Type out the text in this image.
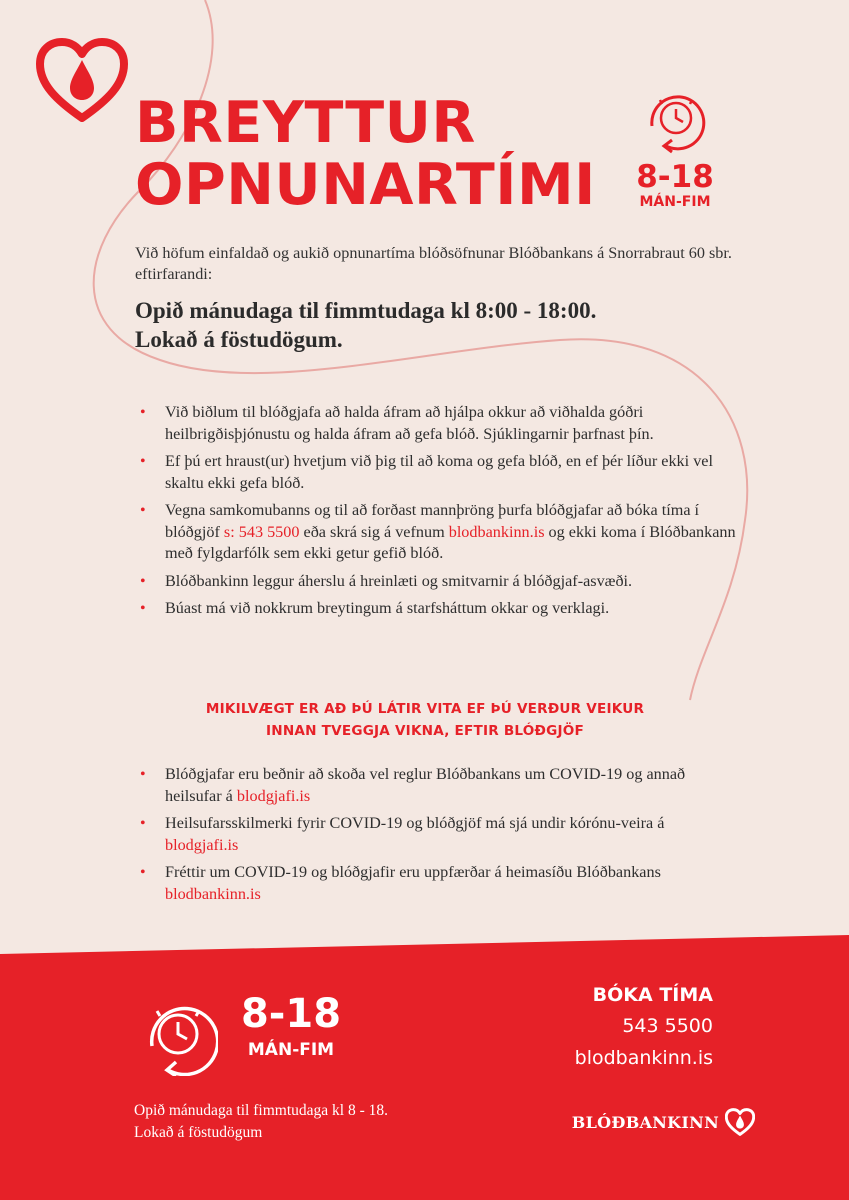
BREYTTUR
OPNUNARTÍMI	8-18
MÁN-FIM

Við höfum einfaldað og aukið opnunartíma blóðsöfnunar Blóðbankans á Snorrabraut 60 sbr. eftirfarandi:

Opið mánudaga til fimmtudaga kl 8:00 - 18:00.
Lokað á föstudögum.

• Við biðlum til blóðgjafa að halda áfram að hjálpa okkur að viðhalda góðri heilbrigðisþjónustu og halda áfram að gefa blóð. Sjúklingarnir þarfnast þín.
• Ef þú ert hraust(ur) hvetjum við þig til að koma og gefa blóð, en ef þér líður ekki vel skaltu ekki gefa blóð.
• Vegna samkomubanns og til að forðast mannþröng þurfa blóðgjafar að bóka tíma í blóðgjöf s: 543 5500 eða skrá sig á vefnum blodbankinn.is og ekki koma í Blóðbankann með fylgdarfólk sem ekki getur gefið blóð.
• Blóðbankinn leggur áherslu á hreinlæti og smitvarnir á blóðgjaf-asvæði.
• Búast má við nokkrum breytingum á starfsháttum okkar og verklagi.

MIKILVÆGT ER AÐ ÞÚ LÁTIR VITA EF ÞÚ VERÐUR VEIKUR
INNAN TVEGGJA VIKNA, EFTIR BLÓÐGJÖF

• Blóðgjafar eru beðnir að skoða vel reglur Blóðbankans um COVID-19 og annað heilsufar á blodgjafi.is
• Heilsufarsskilmerki fyrir COVID-19 og blóðgjöf má sjá undir kórónu-veira á blodgjafi.is
• Fréttir um COVID-19 og blóðgjafir eru uppfærðar á heimasíðu Blóðbankans blodbankinn.is
8-18
MÁN-FIM

Opið mánudaga til fimmtudaga kl 8 - 18.
Lokað á föstudögum

BÓKA TÍMA
543 5500
blodbankinn.is
BLÓÐBANKINN
